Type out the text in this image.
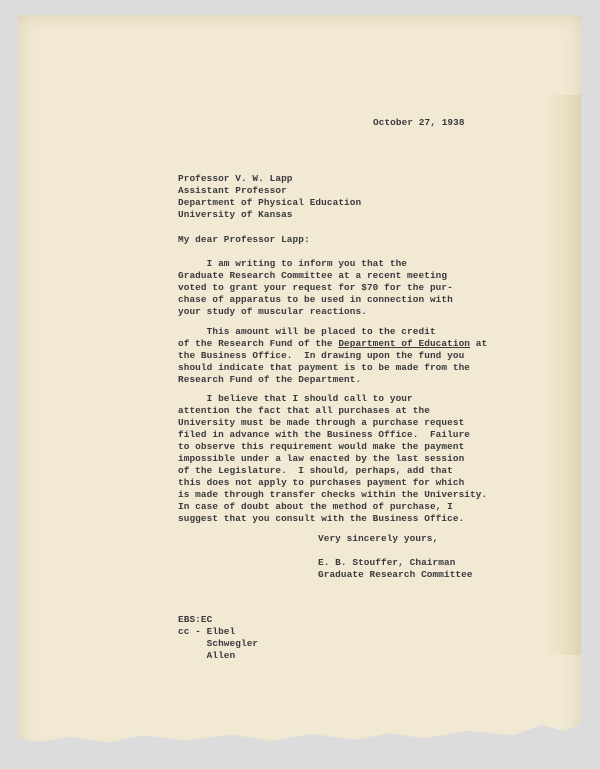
October 27, 1938
Professor V. W. Lapp
Assistant Professor
Department of Physical Education
University of Kansas
My dear Professor Lapp:
I am writing to inform you that the
Graduate Research Committee at a recent meeting
voted to grant your request for $70 for the pur-
chase of apparatus to be used in connection with
your study of muscular reactions.
This amount will be placed to the credit
of the Research Fund of the Department of Education at
the Business Office.  In drawing upon the fund you
should indicate that payment is to be made from the
Research Fund of the Department.
I believe that I should call to your
attention the fact that all purchases at the
University must be made through a purchase request
filed in advance with the Business Office.  Failure
to observe this requirement would make the payment
impossible under a law enacted by the last session
of the Legislature.  I should, perhaps, add that
this does not apply to purchases payment for which
is made through transfer checks within the University.
In case of doubt about the method of purchase, I
suggest that you consult with the Business Office.
Very sincerely yours,
E. B. Stouffer, Chairman
Graduate Research Committee
EBS:EC
cc - Elbel
Schwegler
Allen
